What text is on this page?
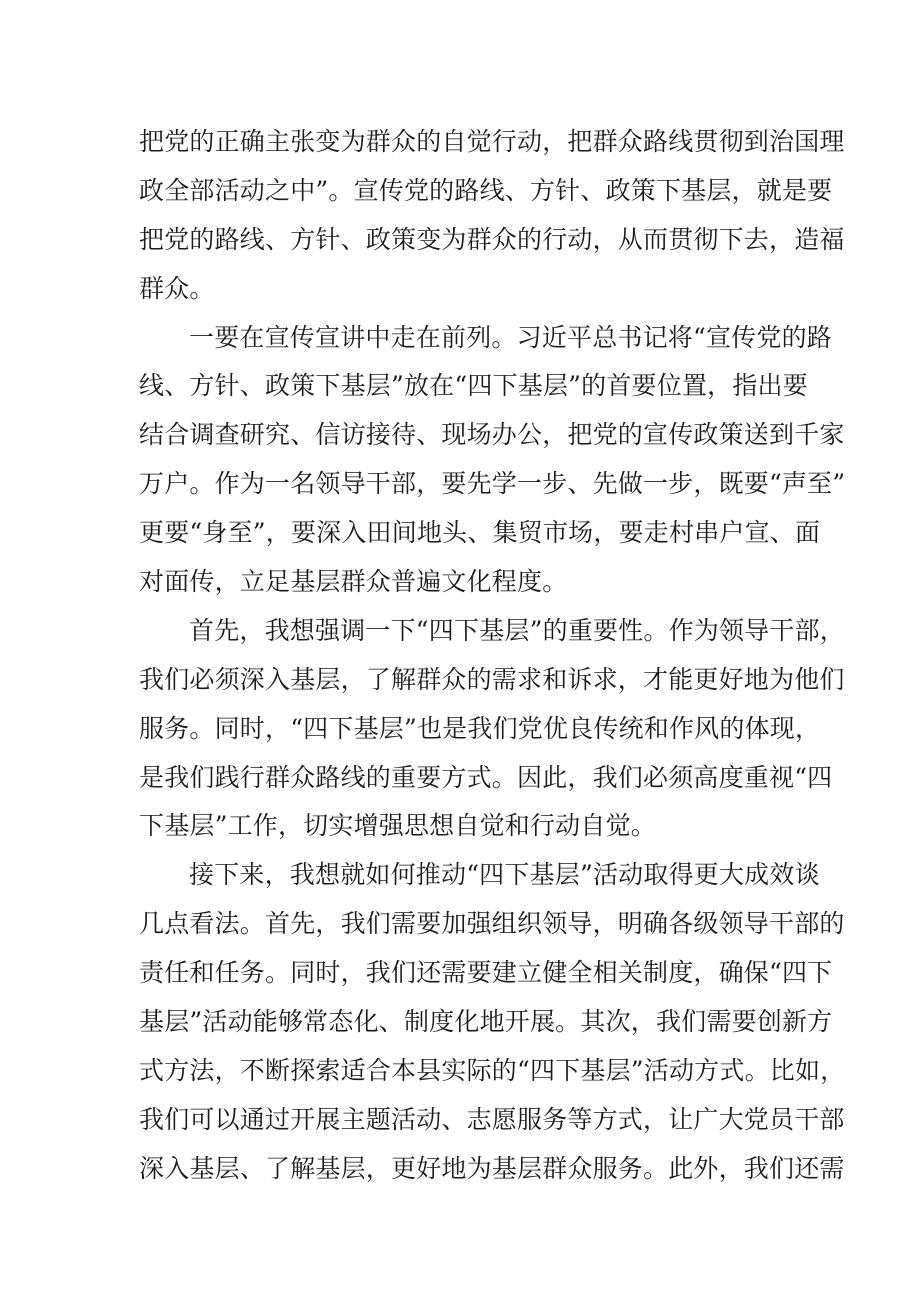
把党的正确主张变为群众的自觉行动，把群众路线贯彻到治国理
政全部活动之中”。宣传党的路线、方针、政策下基层，就是要
把党的路线、方针、政策变为群众的行动，从而贯彻下去，造福
群众。
一要在宣传宣讲中走在前列。习近平总书记将“宣传党的路
线、方针、政策下基层”放在“四下基层”的首要位置，指出要
结合调查研究、信访接待、现场办公，把党的宣传政策送到千家
万户。作为一名领导干部，要先学一步、先做一步，既要“声至”
更要“身至”，要深入田间地头、集贸市场，要走村串户宣、面
对面传，立足基层群众普遍文化程度。
首先，我想强调一下“四下基层”的重要性。作为领导干部，
我们必须深入基层，了解群众的需求和诉求，才能更好地为他们
服务。同时，“四下基层”也是我们党优良传统和作风的体现，
是我们践行群众路线的重要方式。因此，我们必须高度重视“四
下基层”工作，切实增强思想自觉和行动自觉。
接下来，我想就如何推动“四下基层”活动取得更大成效谈
几点看法。首先，我们需要加强组织领导，明确各级领导干部的
责任和任务。同时，我们还需要建立健全相关制度，确保“四下
基层”活动能够常态化、制度化地开展。其次，我们需要创新方
式方法，不断探索适合本县实际的“四下基层”活动方式。比如，
我们可以通过开展主题活动、志愿服务等方式，让广大党员干部
深入基层、了解基层，更好地为基层群众服务。此外，我们还需
